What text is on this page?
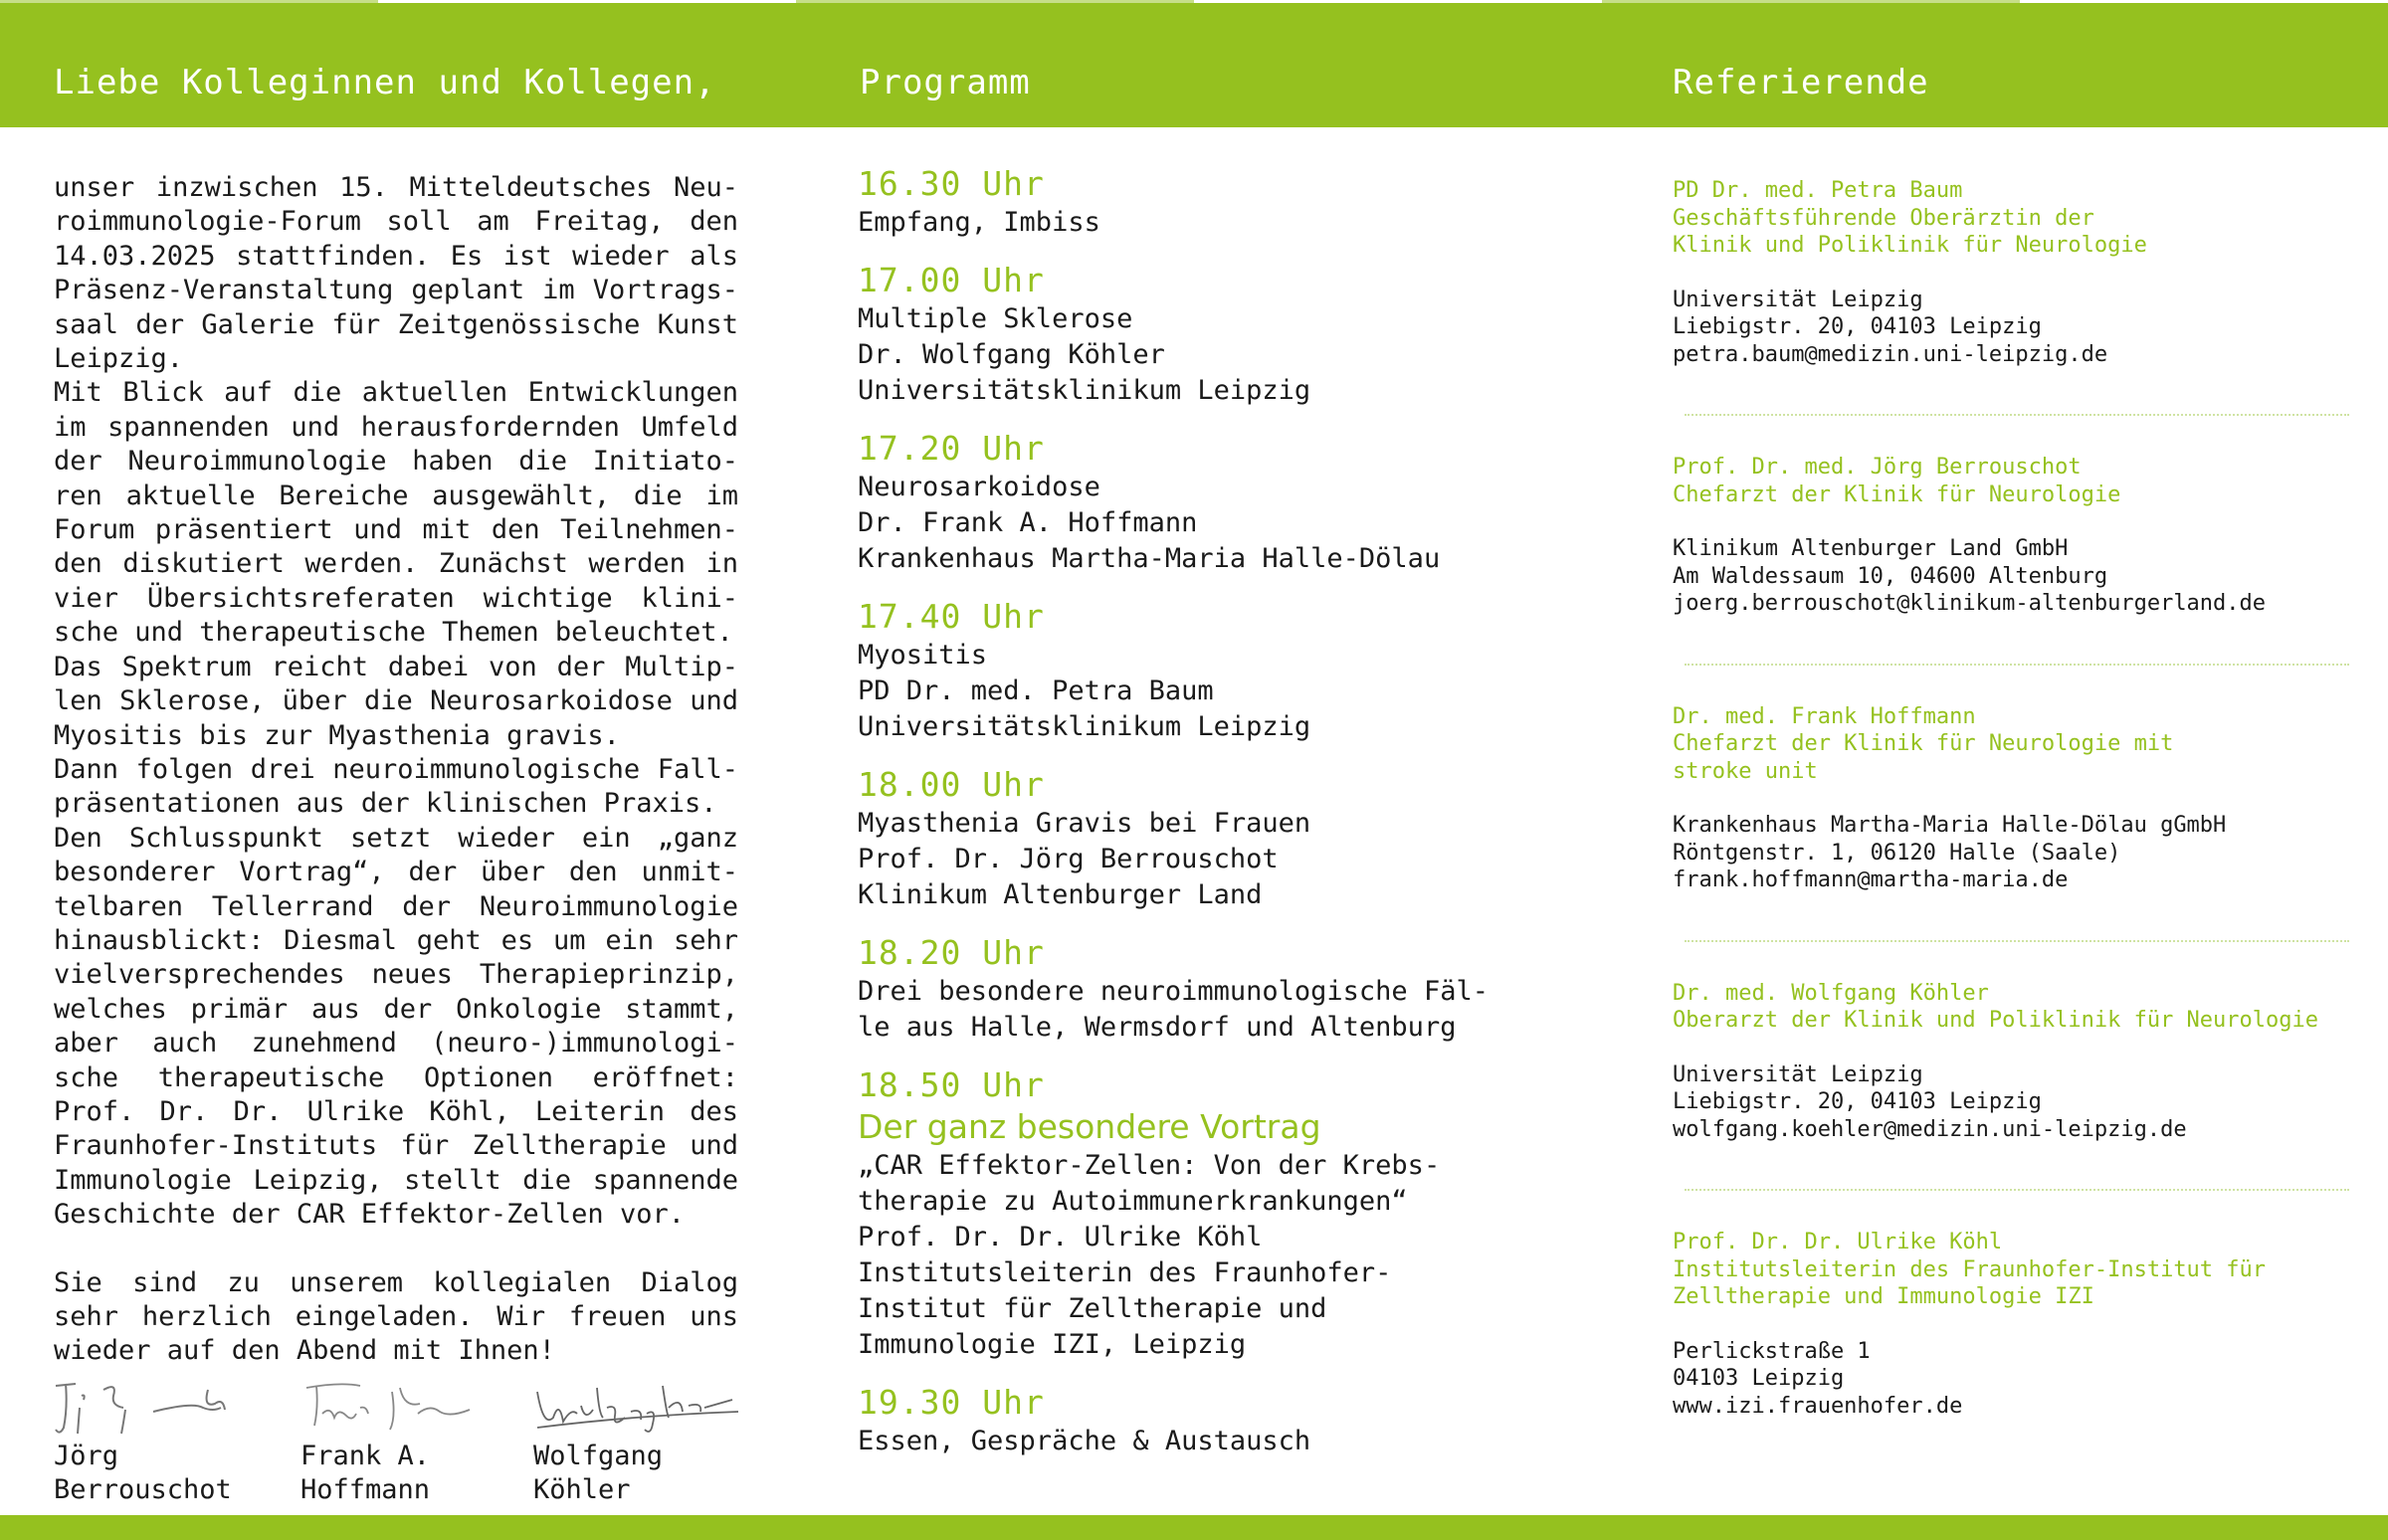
Liebe Kolleginnen und Kollegen,	Programm	Referierende

unser inzwischen 15. Mitteldeutsches Neu-roimmunologie-Forum soll am Freitag, den 14.03.2025 stattfinden. Es ist wieder als Präsenz-Veranstaltung geplant im Vortrags-saal der Galerie für Zeitgenössische Kunst Leipzig.

Mit Blick auf die aktuellen Entwicklungen im spannenden und herausfordernden Umfeld der Neuroimmunologie haben die Initiato-ren aktuelle Bereiche ausgewählt, die im Forum präsentiert und mit den Teilnehmen-den diskutiert werden. Zunächst werden in vier Übersichtsreferaten wichtige klini-sche und therapeutische Themen beleuchtet.

Das Spektrum reicht dabei von der Multip-len Sklerose, über die Neurosarkoidose und Myositis bis zur Myasthenia gravis.

Dann folgen drei neuroimmunologische Fall-präsentationen aus der klinischen Praxis.

Den Schlusspunkt setzt wieder ein „ganz besonderer Vortrag“, der über den unmit-telbaren Tellerrand der Neuroimmunologie hinausblickt: Diesmal geht es um ein sehr vielversprechendes neues Therapieprinzip, welches primär aus der Onkologie stammt, aber auch zunehmend (neuro-)immunologi-sche therapeutische Optionen eröffnet: Prof. Dr. Dr. Ulrike Köhl, Leiterin des Fraunhofer-Instituts für Zelltherapie und Immunologie Leipzig, stellt die spannende Geschichte der CAR Effektor-Zellen vor.

Sie sind zu unserem kollegialen Dialog sehr herzlich eingeladen. Wir freuen uns wieder auf den Abend mit Ihnen!

Jörg
Berrouschot
Frank A.
Hoffmann
Wolfgang
Köhler
16.30 Uhr
Empfang, Imbiss
17.00 Uhr
Multiple Sklerose
Dr. Wolfgang Köhler
Universitätsklinikum Leipzig
17.20 Uhr
Neurosarkoidose
Dr. Frank A. Hoffmann
Krankenhaus Martha-Maria Halle-Dölau
17.40 Uhr
Myositis
PD Dr. med. Petra Baum
Universitätsklinikum Leipzig
18.00 Uhr
Myasthenia Gravis bei Frauen
Prof. Dr. Jörg Berrouschot
Klinikum Altenburger Land
18.20 Uhr
Drei besondere neuroimmunologische Fäl-
le aus Halle, Wermsdorf und Altenburg
18.50 Uhr
Der ganz besondere Vortrag
„CAR Effektor-Zellen: Von der Krebs-
therapie zu Autoimmunerkrankungen“
Prof. Dr. Dr. Ulrike Köhl
Institutsleiterin des Fraunhofer-
Institut für Zelltherapie und
Immunologie IZI, Leipzig
19.30 Uhr
Essen, Gespräche & Austausch
PD Dr. med. Petra Baum
Geschäftsführende Oberärztin der
Klinik und Poliklinik für Neurologie
Universität Leipzig
Liebigstr. 20, 04103 Leipzig
petra.baum@medizin.uni-leipzig.de
Prof. Dr. med. Jörg Berrouschot
Chefarzt der Klinik für Neurologie
Klinikum Altenburger Land GmbH
Am Waldessaum 10, 04600 Altenburg
joerg.berrouschot@klinikum-altenburgerland.de
Dr. med. Frank Hoffmann
Chefarzt der Klinik für Neurologie mit
stroke unit
Krankenhaus Martha-Maria Halle-Dölau gGmbH
Röntgenstr. 1, 06120 Halle (Saale)
frank.hoffmann@martha-maria.de
Dr. med. Wolfgang Köhler
Oberarzt der Klinik und Poliklinik für Neurologie
Universität Leipzig
Liebigstr. 20, 04103 Leipzig
wolfgang.koehler@medizin.uni-leipzig.de
Prof. Dr. Dr. Ulrike Köhl
Institutsleiterin des Fraunhofer-Institut für
Zelltherapie und Immunologie IZI
Perlickstraße 1
04103 Leipzig
www.izi.frauenhofer.de
